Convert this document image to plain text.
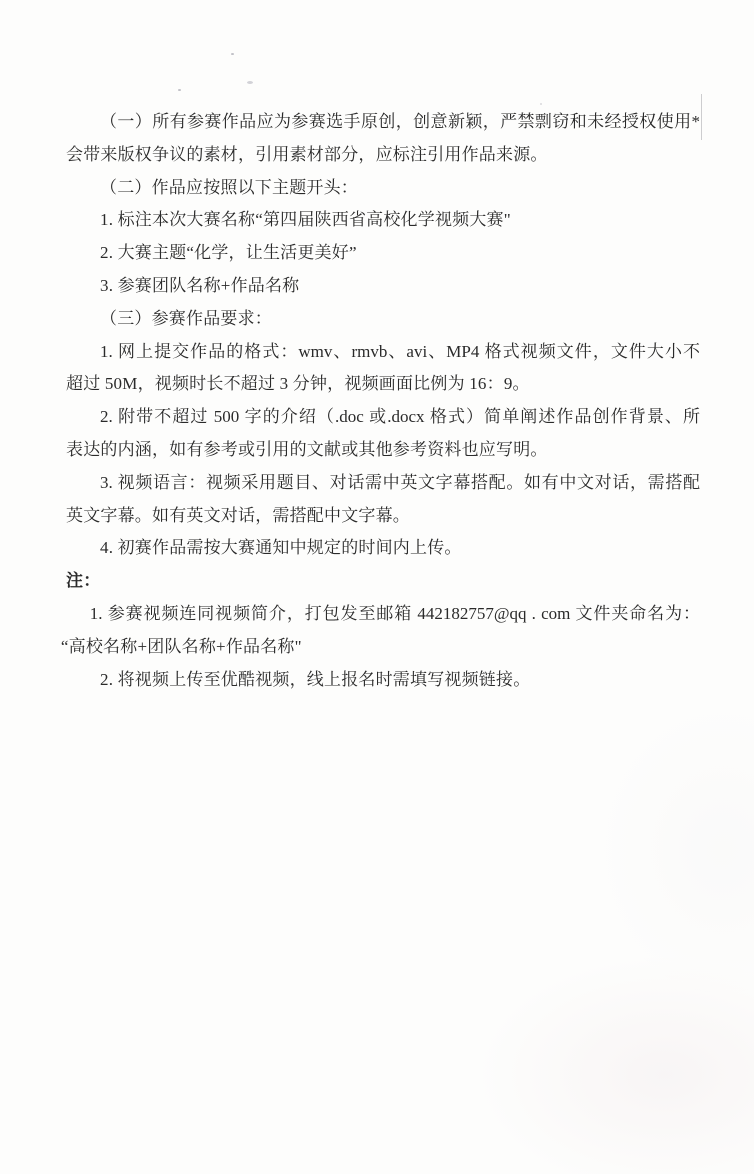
（一）所有参赛作品应为参赛选手原创，创意新颖，严禁剽窃和未经授权使用*
会带来版权争议的素材，引用素材部分，应标注引用作品来源。
（二）作品应按照以下主题开头：
1. 标注本次大赛名称“第四届陕西省高校化学视频大赛"
2. 大赛主题“化学，让生活更美好”
3. 参赛团队名称+作品名称
（三）参赛作品要求：
1. 网上提交作品的格式：wmv、rmvb、avi、MP4 格式视频文件，文件大小不
超过 50M，视频时长不超过 3 分钟，视频画面比例为 16：9。
2. 附带不超过 500 字的介绍（.doc 或.docx 格式）简单阐述作品创作背景、所
表达的内涵，如有参考或引用的文献或其他参考资料也应写明。
3. 视频语言：视频采用题目、对话需中英文字幕搭配。如有中文对话，需搭配
英文字幕。如有英文对话，需搭配中文字幕。
4. 初赛作品需按大赛通知中规定的时间内上传。
注：
1. 参赛视频连同视频简介，打包发至邮箱 442182757@qq . com 文件夹命名为：
“高校名称+团队名称+作品名称"
2. 将视频上传至优酷视频，线上报名时需填写视频链接。
